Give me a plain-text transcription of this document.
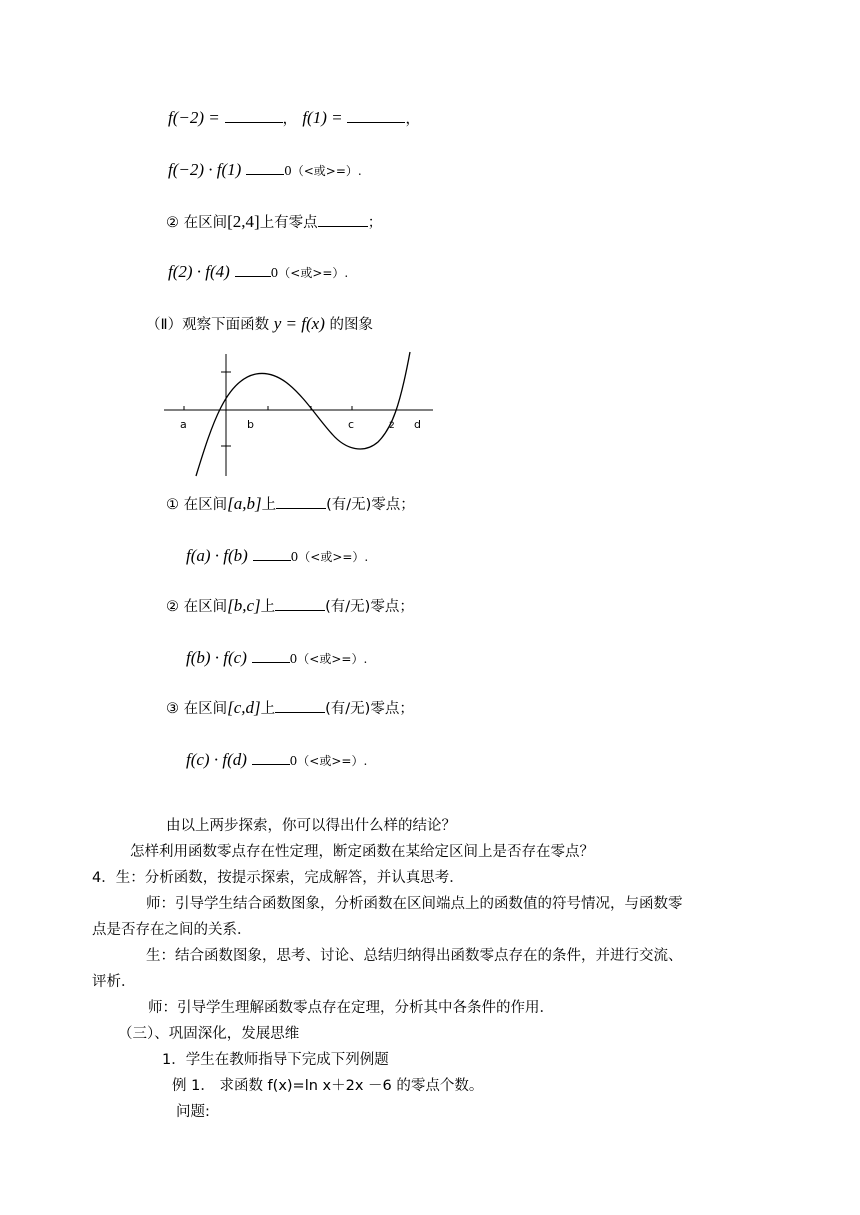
f(−2) =	， f(1) =	，
f(−2) · f(1)	0（<或>=）.
② 在区间[2,4]上有零点	；
f(2) · f(4)	0（<或>=）.
（Ⅱ）观察下面函数 y = f(x) 的图象
a	b	c	2 d
① 在区间[a,b]上	(有/无)零点；
f(a) · f(b)	0（<或>=）.
② 在区间[b,c]上	(有/无)零点；
f(b) · f(c)	0（<或>=）.
③ 在区间[c,d]上	(有/无)零点；
f(c) · f(d)	0（<或>=）.
由以上两步探索，你可以得出什么样的结论？
怎样利用函数零点存在性定理，断定函数在某给定区间上是否存在零点？
4．生：分析函数，按提示探索，完成解答，并认真思考．
师：引导学生结合函数图象，分析函数在区间端点上的函数值的符号情况，与函数零
点是否存在之间的关系．
生：结合函数图象，思考、讨论、总结归纳得出函数零点存在的条件，并进行交流、
评析．
师：引导学生理解函数零点存在定理，分析其中各条件的作用．
（三）、巩固深化，发展思维
1．学生在教师指导下完成下列例题
例 1． 求函数 f(x)=ln x＋2x －6 的零点个数。
问题:
